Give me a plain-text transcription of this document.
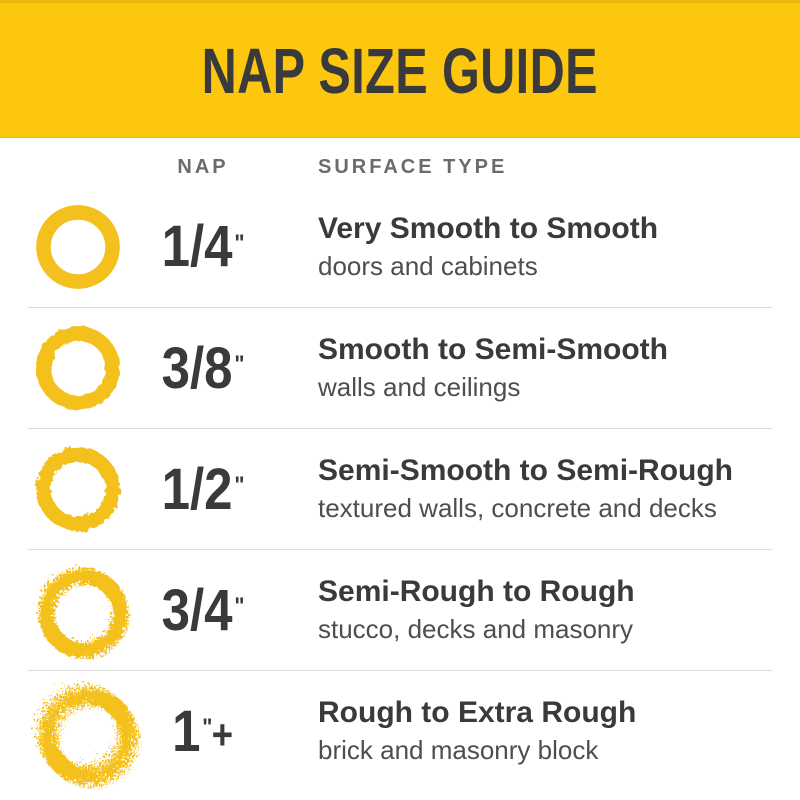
NAP SIZE GUIDE
NAP	SURFACE TYPE
1/4"	Very Smooth to Smooth
doors and cabinets
3/8"	Smooth to Semi-Smooth
walls and ceilings
1/2"	Semi-Smooth to Semi-Rough
textured walls, concrete and decks
3/4"	Semi-Rough to Rough
stucco, decks and masonry
1"+	Rough to Extra Rough
brick and masonry block
